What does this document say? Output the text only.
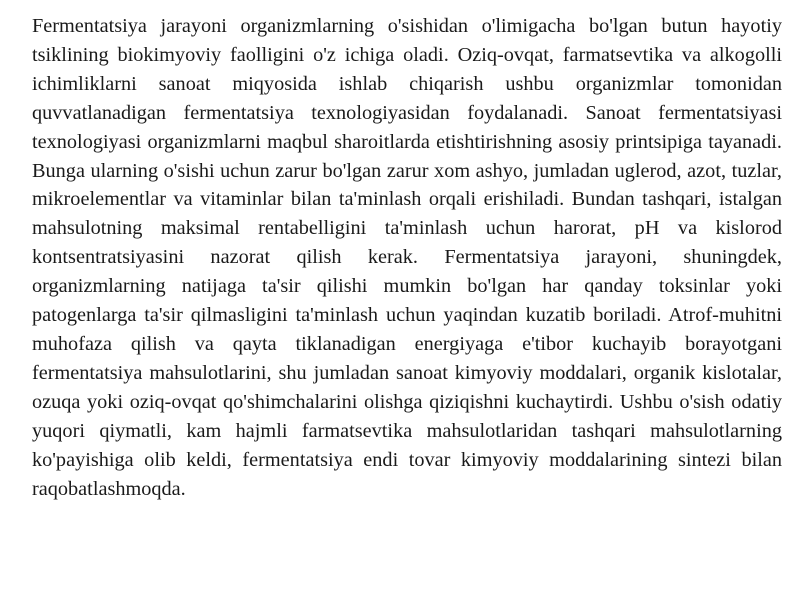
Fermentatsiya jarayoni organizmlarning o'sishidan o'limigacha bo'lgan butun hayotiy tsiklining biokimyoviy faolligini o'z ichiga oladi. Oziq-ovqat, farmatsevtika va alkogolli ichimliklarni sanoat miqyosida ishlab chiqarish ushbu organizmlar tomonidan quvvatlanadigan fermentatsiya texnologiyasidan foydalanadi. Sanoat fermentatsiyasi texnologiyasi organizmlarni maqbul sharoitlarda etishtirishning asosiy printsipiga tayanadi. Bunga ularning o'sishi uchun zarur bo'lgan zarur xom ashyo, jumladan uglerod, azot, tuzlar, mikroelementlar va vitaminlar bilan ta'minlash orqali erishiladi. Bundan tashqari, istalgan mahsulotning maksimal rentabelligini ta'minlash uchun harorat, pH va kislorod kontsentratsiyasini nazorat qilish kerak. Fermentatsiya jarayoni, shuningdek, organizmlarning natijaga ta'sir qilishi mumkin bo'lgan har qanday toksinlar yoki patogenlarga ta'sir qilmasligini ta'minlash uchun yaqindan kuzatib boriladi. Atrof-muhitni muhofaza qilish va qayta tiklanadigan energiyaga e'tibor kuchayib borayotgani fermentatsiya mahsulotlarini, shu jumladan sanoat kimyoviy moddalari, organik kislotalar, ozuqa yoki oziq-ovqat qo'shimchalarini olishga qiziqishni kuchaytirdi. Ushbu o'sish odatiy yuqori qiymatli, kam hajmli farmatsevtika mahsulotlaridan tashqari mahsulotlarning ko'payishiga olib keldi, fermentatsiya endi tovar kimyoviy moddalarining sintezi bilan raqobatlashmoqda.
